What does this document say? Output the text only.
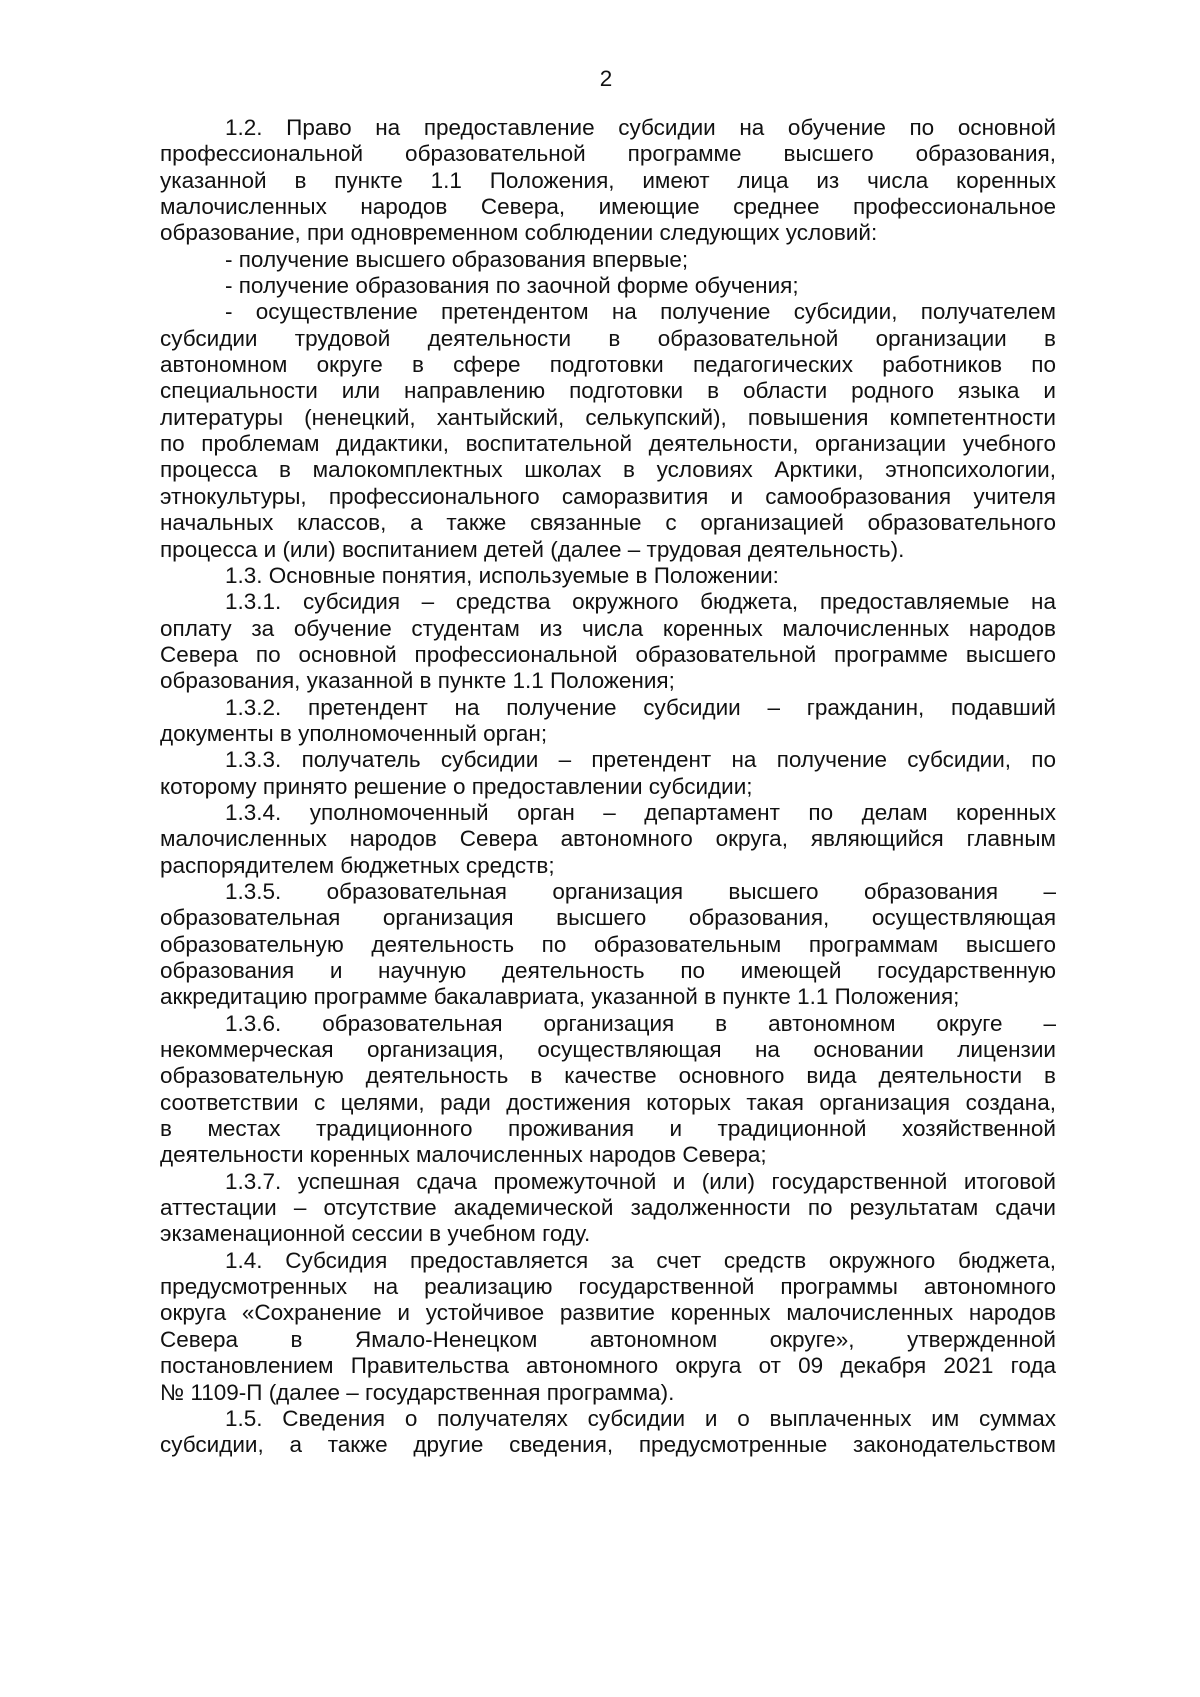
2
1.2. Право на предоставление субсидии на обучение по основной
профессиональной образовательной программе высшего образования,
указанной в пункте 1.1 Положения, имеют лица из числа коренных
малочисленных народов Севера, имеющие среднее профессиональное
образование, при одновременном соблюдении следующих условий:
- получение высшего образования впервые;
- получение образования по заочной форме обучения;
- осуществление претендентом на получение субсидии, получателем
субсидии трудовой деятельности в образовательной организации в
автономном округе в сфере подготовки педагогических работников по
специальности или направлению подготовки в области родного языка и
литературы (ненецкий, хантыйский, селькупский), повышения компетентности
по проблемам дидактики, воспитательной деятельности, организации учебного
процесса в малокомплектных школах в условиях Арктики, этнопсихологии,
этнокультуры, профессионального саморазвития и самообразования учителя
начальных классов, а также связанные с организацией образовательного
процесса и (или) воспитанием детей (далее – трудовая деятельность).
1.3. Основные понятия, используемые в Положении:
1.3.1. субсидия – средства окружного бюджета, предоставляемые на
оплату за обучение студентам из числа коренных малочисленных народов
Севера по основной профессиональной образовательной программе высшего
образования, указанной в пункте 1.1 Положения;
1.3.2. претендент на получение субсидии – гражданин, подавший
документы в уполномоченный орган;
1.3.3. получатель субсидии – претендент на получение субсидии, по
которому принято решение о предоставлении субсидии;
1.3.4. уполномоченный орган – департамент по делам коренных
малочисленных народов Севера автономного округа, являющийся главным
распорядителем бюджетных средств;
1.3.5. образовательная организация высшего образования –
образовательная организация высшего образования, осуществляющая
образовательную деятельность по образовательным программам высшего
образования и научную деятельность по имеющей государственную
аккредитацию программе бакалавриата, указанной в пункте 1.1 Положения;
1.3.6. образовательная организация в автономном округе –
некоммерческая организация, осуществляющая на основании лицензии
образовательную деятельность в качестве основного вида деятельности в
соответствии с целями, ради достижения которых такая организация создана,
в местах традиционного проживания и традиционной хозяйственной
деятельности коренных малочисленных народов Севера;
1.3.7. успешная сдача промежуточной и (или) государственной итоговой
аттестации – отсутствие академической задолженности по результатам сдачи
экзаменационной сессии в учебном году.
1.4. Субсидия предоставляется за счет средств окружного бюджета,
предусмотренных на реализацию государственной программы автономного
округа «Сохранение и устойчивое развитие коренных малочисленных народов
Севера в Ямало-Ненецком автономном округе», утвержденной
постановлением Правительства автономного округа от 09 декабря 2021 года
№ 1109-П (далее – государственная программа).
1.5. Сведения о получателях субсидии и о выплаченных им суммах
субсидии, а также другие сведения, предусмотренные законодательством
